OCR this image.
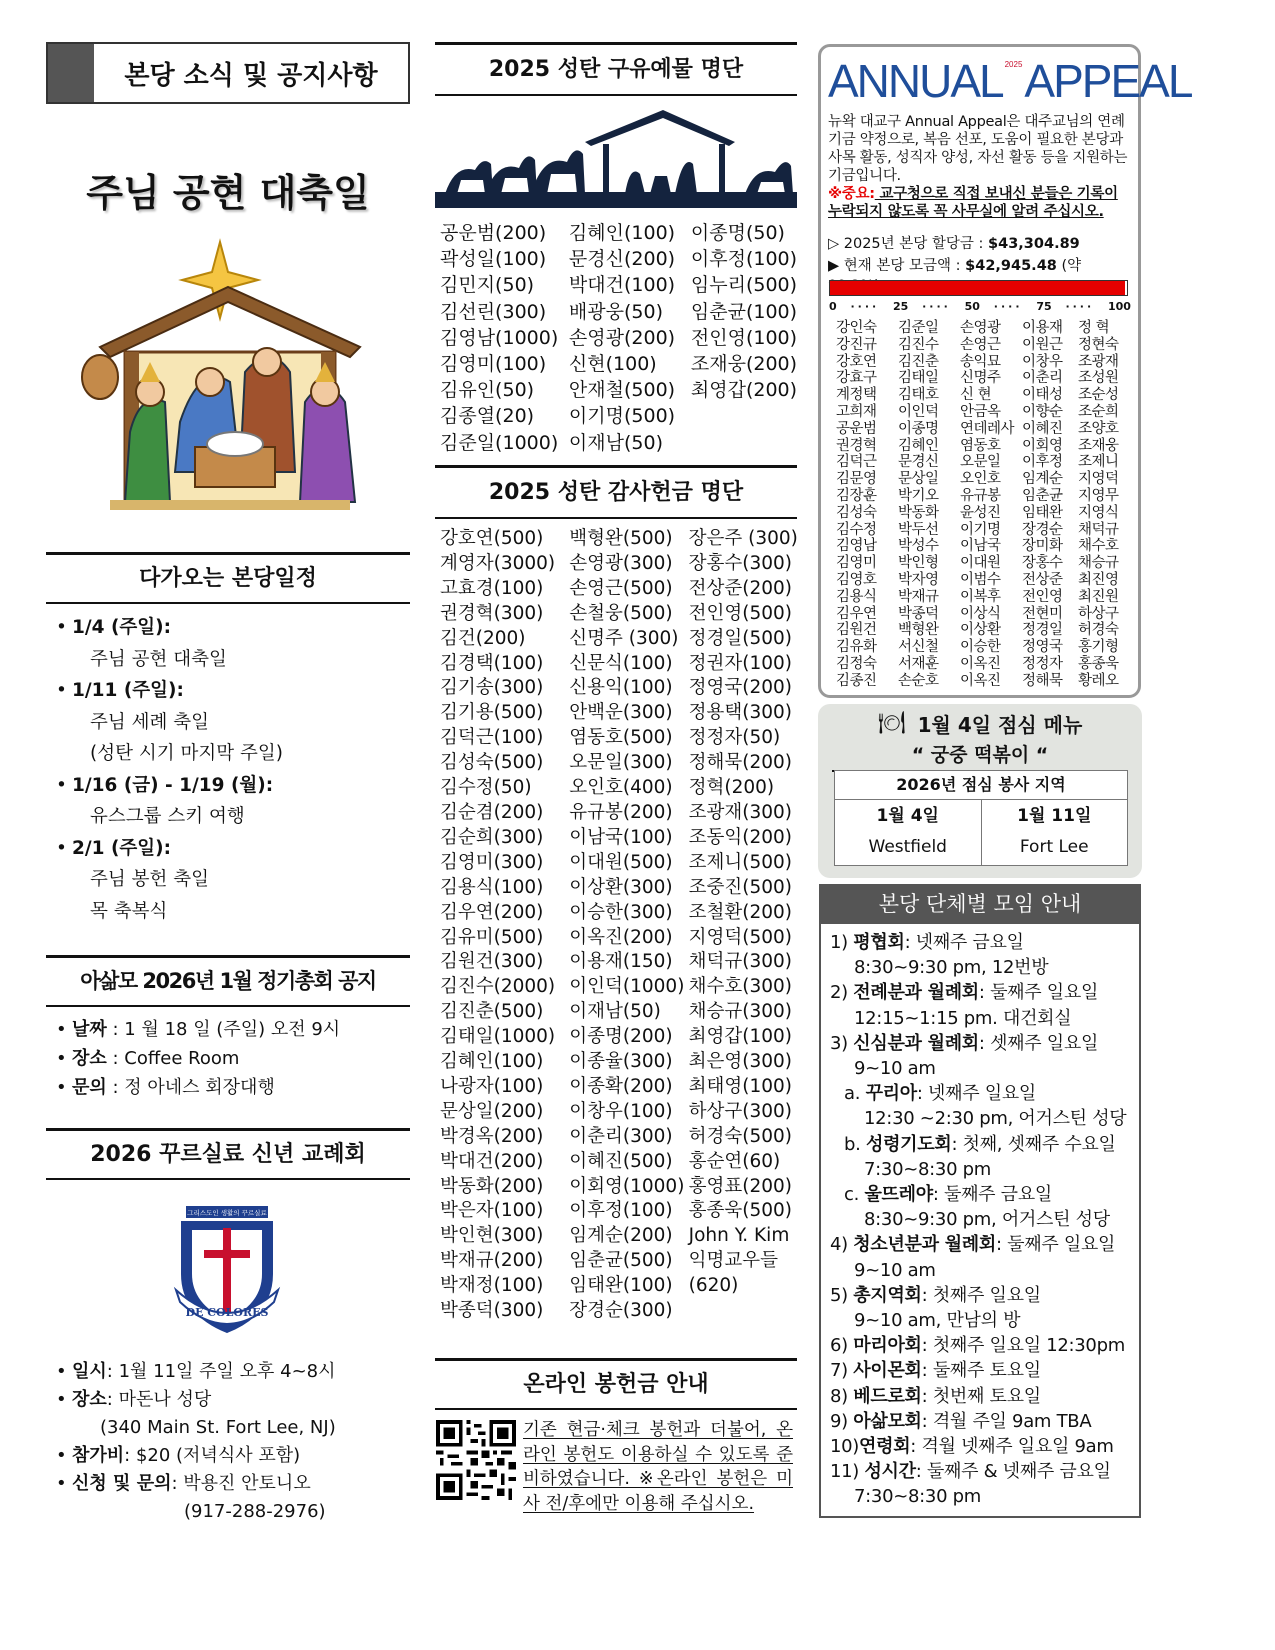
본당 소식 및 공지사항
주님 공현 대축일
다가오는 본당일정
• 1/4 (주일):
주님 공현 대축일
• 1/11 (주일):
주님 세례 축일
(성탄 시기 마지막 주일)
• 1/16 (금) - 1/19 (월):
유스그룹 스키 여행
• 2/1 (주일):
주님 봉헌 축일
목 축복식
아삶모 2026년 1월 정기총회 공지
• 날짜 : 1 월 18 일 (주일) 오전 9시
• 장소 : Coffee Room
• 문의 : 정 아네스 회장대행
2026 꾸르실료 신년 교례회
그리스도인 생활의 꾸르실료
DE COLORES
• 일시: 1월 11일 주일 오후 4~8시
• 장소: 마돈나 성당
(340 Main St. Fort Lee, NJ)
• 참가비: $20 (저녁식사 포함)
• 신청 및 문의: 박용진 안토니오
(917-288-2976)
2025 성탄 구유예물 명단
공운범(200)
곽성일(100)
김민지(50)
김선린(300)
김영남(1000)
김영미(100)
김유인(50)
김종열(20)
김준일(1000)
김혜인(100)
문경신(200)
박대건(100)
배광웅(50)
손영광(200)
신현(100)
안재철(500)
이기명(500)
이재남(50)
이종명(50)
이후정(100)
임누리(500)
임춘균(100)
전인영(100)
조재웅(200)
최영갑(200)
2025 성탄 감사헌금 명단
강호연(500)
계영자(3000)
고효경(100)
권경혁(300)
김건(200)
김경택(100)
김기송(300)
김기용(500)
김덕근(100)
김성숙(500)
김수정(50)
김순겸(200)
김순희(300)
김영미(300)
김용식(100)
김우연(200)
김유미(500)
김원건(300)
김진수(2000)
김진춘(500)
김태일(1000)
김혜인(100)
나광자(100)
문상일(200)
박경옥(200)
박대건(200)
박동화(200)
박은자(100)
박인현(300)
박재규(200)
박재정(100)
박종덕(300)
백형완(500)
손영광(300)
손영근(500)
손철웅(500)
신명주 (300)
신문식(100)
신용익(100)
안백운(300)
염동호(500)
오문일(300)
오인호(400)
유규봉(200)
이남국(100)
이대원(500)
이상환(300)
이승한(300)
이옥진(200)
이용재(150)
이인덕(1000)
이재남(50)
이종명(200)
이종율(300)
이종확(200)
이창우(100)
이춘리(300)
이혜진(500)
이회영(1000)
이후정(100)
임계순(200)
임춘균(500)
임태완(100)
장경순(300)
장은주 (300)
장홍수(300)
전상준(200)
전인영(500)
정경일(500)
정권자(100)
정영국(200)
정용택(300)
정정자(50)
정해묵(200)
정혁(200)
조광재(300)
조동익(200)
조제니(500)
조중진(500)
조철환(200)
지영덕(500)
채덕규(300)
채수호(300)
채승규(300)
최영갑(100)
최은영(300)
최태영(100)
하상구(300)
허경숙(500)
홍순연(60)
홍영표(200)
홍종욱(500)
John Y. Kim
익명교우들
(620)
온라인 봉헌금 안내
기존 현금·체크 봉헌과 더불어, 온라인 봉헌도 이용하실 수 있도록 준비하였습니다. ※온라인 봉헌은 미사 전/후에만 이용해 주십시오.
ANNUAL 2025 APPEAL
뉴왁 대교구 Annual Appeal은 대주교님의 연례 기금 약정으로, 복음 선포, 도움이 필요한 본당과 사목 활동, 성직자 양성, 자선 활동 등을 지원하는 기금입니다.
※중요: 교구청으로 직접 보내신 분들은 기록이 누락되지 않도록 꼭 사무실에 알려 주십시오.
▷ 2025년 본당 할당금 : $43,304.89
▶ 현재 본당 모금액 : $42,945.48 (약
0 ···· 25 ···· 50 ···· 75 ···· 100
강인숙
강진규
강호연
강효구
계정택
고희재
공운범
권경혁
김덕근
김문영
김장훈
김성숙
김수정
김영남
김영미
김영호
김용식
김우연
김원건
김유화
김정숙
김종진
김준일
김진수
김진춘
김태일
김태호
이인덕
이종명
김혜인
문경신
문상일
박기오
박동화
박두선
박성수
박인형
박자영
박재규
박종덕
백형완
서신철
서재훈
손순호
손영광
손영근
송익묘
신명주
신 현
안금옥
연데레사
염동호
오문일
오인호
유규봉
윤성진
이기명
이남국
이대원
이범수
이복후
이상식
이상환
이승한
이옥진
이옥진
이용재
이원근
이창우
이춘리
이태성
이향순
이혜진
이회영
이후정
임계순
임춘균
임태완
장경순
장미화
장홍수
전상준
전인영
전현미
정경일
정영국
정정자
정해묵
정 혁
정현숙
조광재
조성원
조순성
조순희
조양호
조재웅
조제니
지영덕
지영무
지영식
채덕규
채수호
채승규
최진영
최진원
하상구
허경숙
홍기형
홍종욱
황레오
🍽 1월 4일 점심 메뉴
“ 궁중 떡볶이 “
2026년 점심 봉사 지역
1월 4일
Westfield
1월 11일
Fort Lee
본당 단체별 모임 안내
1) 평협회: 넷째주 금요일
8:30~9:30 pm, 12번방
2) 전례분과 월례회: 둘째주 일요일
12:15~1:15 pm. 대건회실
3) 신심분과 월례회: 셋째주 일요일
9~10 am
a. 꾸리아: 넷째주 일요일
12:30 ~2:30 pm, 어거스틴 성당
b. 성령기도회: 첫째, 셋째주 수요일
7:30~8:30 pm
c. 울뜨레야: 둘째주 금요일
8:30~9:30 pm, 어거스틴 성당
4) 청소년분과 월례회: 둘째주 일요일
9~10 am
5) 총지역회: 첫째주 일요일
9~10 am, 만남의 방
6) 마리아회: 첫째주 일요일 12:30pm
7) 사이몬회: 둘째주 토요일
8) 베드로회: 첫번째 토요일
9) 아삶모회: 격월 주일 9am TBA
10)연령회: 격월 넷째주 일요일 9am
11) 성시간: 둘째주 & 넷째주 금요일
7:30~8:30 pm
